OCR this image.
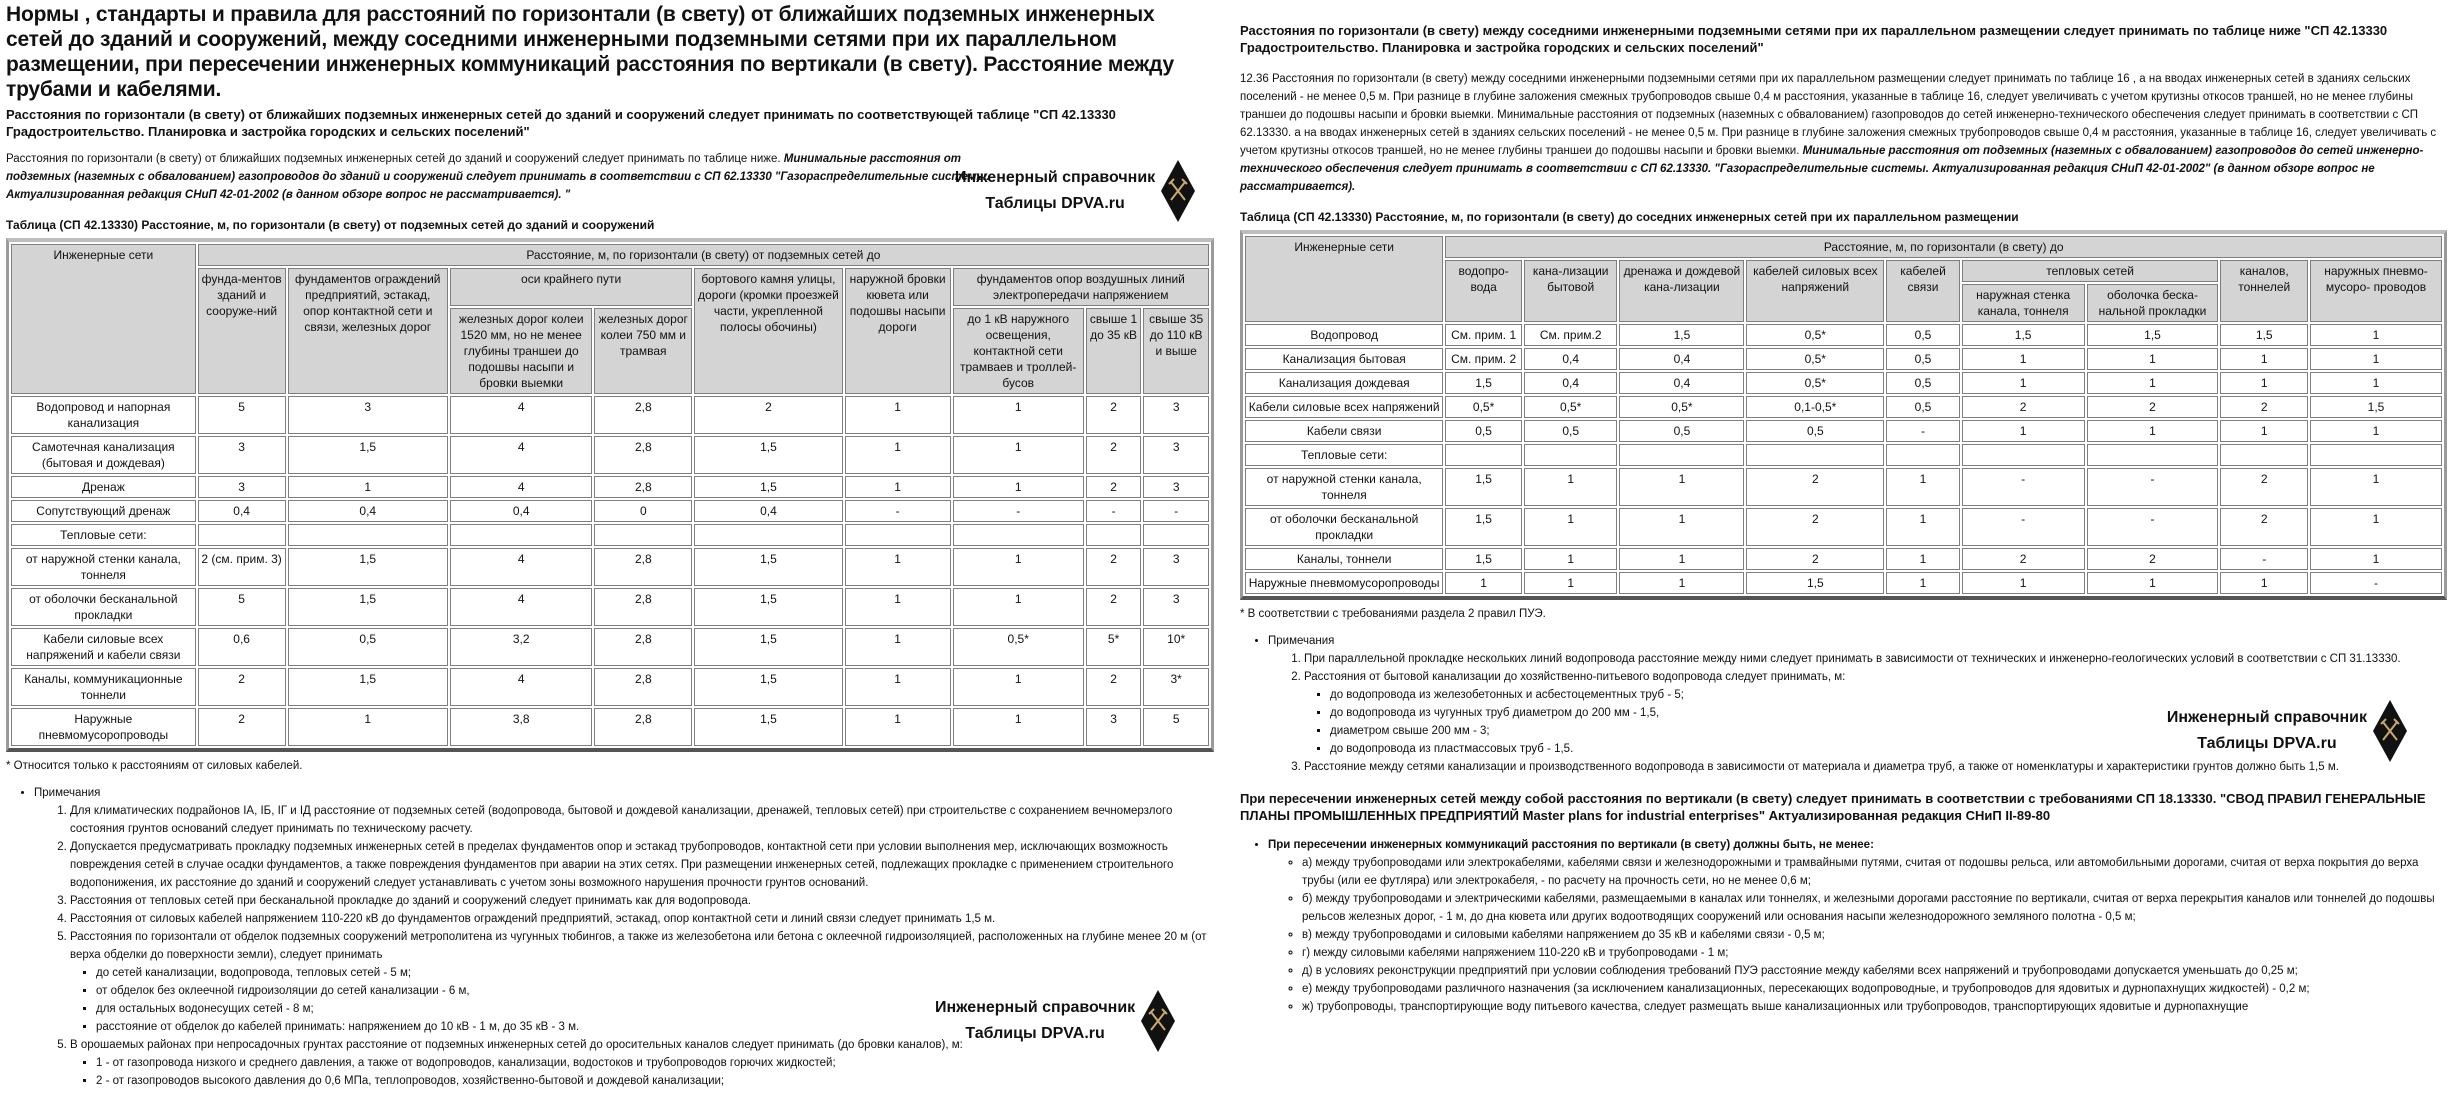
Нормы , стандарты и правила для расстояний по горизонтали (в свету) от ближайших подземных инженерных сетей до зданий и сооружений, между соседними инженерными подземными сетями при их параллельном размещении, при пересечении инженерных коммуникаций расстояния по вертикали (в свету). Расстояние между трубами и кабелями.
Расстояния по горизонтали (в свету) от ближайших подземных инженерных сетей до зданий и сооружений следует принимать по соответствующей таблице "СП 42.13330 Градостроительство. Планировка и застройка городских и сельских поселений"

Расстояния по горизонтали (в свету) от ближайших подземных инженерных сетей до зданий и сооружений следует принимать по таблице ниже. Минимальные расстояния от подземных (наземных с обвалованием) газопроводов до зданий и сооружений следует принимать в соответствии с СП 62.13330 "Газораспределительные системы. Актуализированная редакция СНиП 42-01-2002 (в данном обзоре вопрос не рассматривается). "

Таблица (СП 42.13330) Расстояние, м, по горизонтали (в свету) от подземных сетей до зданий и сооружений
Инженерные сети	Расстояние, м, по горизонтали (в свету) от подземных сетей до								
	фунда-ментов зданий и сооруже-ний	фундаментов ограждений предприятий, эстакад, опор контактной сети и связи, железных дорог	оси крайнего пути		бортового камня улицы, дороги (кромки проезжей части, укрепленной полосы обочины)	наружной бровки кювета или подошвы насыпи дороги	фундаментов опор воздушных линий электропередачи напряжением		
			железных дорог колеи 1520 мм, но не менее глубины траншеи до подошвы насыпи и бровки выемки	железных дорог колеи 750 мм и трамвая			до 1 кВ наружного освещения, контактной сети трамваев и троллей- бусов	свыше 1 до 35 кВ	свыше 35 до 110 кВ и выше
Водопровод и напорная канализация	5	3	4	2,8	2	1	1	2	3
Самотечная канализация (бытовая и дождевая)	3	1,5	4	2,8	1,5	1	1	2	3
Дренаж	3	1	4	2,8	1,5	1	1	2	3
Сопутствующий дренаж	0,4	0,4	0,4	0	0,4	-	-	-	-
Тепловые сети:									
от наружной стенки канала, тоннеля	2 (см. прим. 3)	1,5	4	2,8	1,5	1	1	2	3
от оболочки бесканальной прокладки	5	1,5	4	2,8	1,5	1	1	2	3
Кабели силовые всех напряжений и кабели связи	0,6	0,5	3,2	2,8	1,5	1	0,5*	5*	10*
Каналы, коммуникационные тоннели	2	1,5	4	2,8	1,5	1	1	2	3*
Наружные пневмомусоропроводы	2	1	3,8	2,8	1,5	1	1	3	5
* Относится только к расстояниям от силовых кабелей.
• Примечания
1. Для климатических подрайонов IA, IБ, IГ и IД расстояние от подземных сетей (водопровода, бытовой и дождевой канализации, дренажей, тепловых сетей) при строительстве с сохранением вечномерзлого состояния грунтов оснований следует принимать по техническому расчету.
2. Допускается предусматривать прокладку подземных инженерных сетей в пределах фундаментов опор и эстакад трубопроводов, контактной сети при условии выполнения мер, исключающих возможность повреждения сетей в случае осадки фундаментов, а также повреждения фундаментов при аварии на этих сетях. При размещении инженерных сетей, подлежащих прокладке с применением строительного водопонижения, их расстояние до зданий и сооружений следует устанавливать с учетом зоны возможного нарушения прочности грунтов оснований.
3. Расстояния от тепловых сетей при бесканальной прокладке до зданий и сооружений следует принимать как для водопровода.
4. Расстояния от силовых кабелей напряжением 110-220 кВ до фундаментов ограждений предприятий, эстакад, опор контактной сети и линий связи следует принимать 1,5 м.
5. Расстояния по горизонтали от обделок подземных сооружений метрополитена из чугунных тюбингов, а также из железобетона или бетона с оклеечной гидроизоляцией, расположенных на глубине менее 20 м (от верха обделки до поверхности земли), следует принимать
▪ до сетей канализации, водопровода, тепловых сетей - 5 м;
▪ от обделок без оклеечной гидроизоляции до сетей канализации - 6 м,
▪ для остальных водонесущих сетей - 8 м;
▪ расстояние от обделок до кабелей принимать: напряжением до 10 кВ - 1 м, до 35 кВ - 3 м.
5. В орошаемых районах при непросадочных грунтах расстояние от подземных инженерных сетей до оросительных каналов следует принимать (до бровки каналов), м:
▪ 1 - от газопровода низкого и среднего давления, а также от водопроводов, канализации, водостоков и трубопроводов горючих жидкостей;
▪ 2 - от газопроводов высокого давления до 0,6 МПа, теплопроводов, хозяйственно-бытовой и дождевой канализации;
Расстояния по горизонтали (в свету) между соседними инженерными подземными сетями при их параллельном размещении следует принимать по таблице ниже "СП 42.13330 Градостроительство. Планировка и застройка городских и сельских поселений"

12.36 Расстояния по горизонтали (в свету) между соседними инженерными подземными сетями при их параллельном размещении следует принимать по таблице 16 , а на вводах инженерных сетей в зданиях сельских поселений - не менее 0,5 м. При разнице в глубине заложения смежных трубопроводов свыше 0,4 м расстояния, указанные в таблице 16, следует увеличивать с учетом крутизны откосов траншей, но не менее глубины траншеи до подошвы насыпи и бровки выемки. Минимальные расстояния от подземных (наземных с обвалованием) газопроводов до сетей инженерно-технического обеспечения следует принимать в соответствии с СП 62.13330. а на вводах инженерных сетей в зданиях сельских поселений - не менее 0,5 м. При разнице в глубине заложения смежных трубопроводов свыше 0,4 м расстояния, указанные в таблице 16, следует увеличивать с учетом крутизны откосов траншей, но не менее глубины траншеи до подошвы насыпи и бровки выемки. Минимальные расстояния от подземных (наземных с обвалованием) газопроводов до сетей инженерно-технического обеспечения следует принимать в соответствии с СП 62.13330. "Газораспределительные системы. Актуализированная редакция СНиП 42-01-2002" (в данном обзоре вопрос не рассматривается).

Таблица (СП 42.13330) Расстояние, м, по горизонтали (в свету) до соседних инженерных сетей при их параллельном размещении
Инженерные сети	Расстояние, м, по горизонтали (в свету) до								
	водопро-вода	кана-лизации бытовой	дренажа и дождевой кана-лизации	кабелей силовых всех напряжений	кабелей связи	тепловых сетей		каналов, тоннелей	наружных пневмо-мусоро- проводов
						наружная стенка канала, тоннеля	оболочка беска-нальной прокладки		
Водопровод	См. прим. 1	См. прим.2	1,5	0,5*	0,5	1,5	1,5	1,5	1
Канализация бытовая	См. прим. 2	0,4	0,4	0,5*	0,5	1	1	1	1
Канализация дождевая	1,5	0,4	0,4	0,5*	0,5	1	1	1	1
Кабели силовые всех напряжений	0,5*	0,5*	0,5*	0,1-0,5*	0,5	2	2	2	1,5
Кабели связи	0,5	0,5	0,5	0,5	-	1	1	1	1
Тепловые сети:									
от наружной стенки канала, тоннеля	1,5	1	1	2	1	-	-	2	1
от оболочки бесканальной прокладки	1,5	1	1	2	1	-	-	2	1
Каналы, тоннели	1,5	1	1	2	1	2	2	-	1
Наружные пневмомусоропроводы	1	1	1	1,5	1	1	1	1	-
* В соответствии с требованиями раздела 2 правил ПУЭ.
• Примечания
1. При параллельной прокладке нескольких линий водопровода расстояние между ними следует принимать в зависимости от технических и инженерно-геологических условий в соответствии с СП 31.13330.
2. Расстояния от бытовой канализации до хозяйственно-питьевого водопровода следует принимать, м:
▪ до водопровода из железобетонных и асбестоцементных труб - 5;
▪ до водопровода из чугунных труб диаметром до 200 мм - 1,5,
▪ диаметром свыше 200 мм - 3;
▪ до водопровода из пластмассовых труб - 1,5.
3. Расстояние между сетями канализации и производственного водопровода в зависимости от материала и диаметра труб, а также от номенклатуры и характеристики грунтов должно быть 1,5 м.
Инженерный справочник
Таблицы DPVA.ru
При пересечении инженерных сетей между собой расстояния по вертикали (в свету) следует принимать в соответствии с требованиями СП 18.13330. "СВОД ПРАВИЛ ГЕНЕРАЛЬНЫЕ ПЛАНЫ ПРОМЫШЛЕННЫХ ПРЕДПРИЯТИЙ Master plans for industrial enterprises" Актуализированная редакция СНиП II-89-80
• При пересечении инженерных коммуникаций расстояния по вертикали (в свету) должны быть, не менее:
◦ а) между трубопроводами или электрокабелями, кабелями связи и железнодорожными и трамвайными путями, считая от подошвы рельса, или автомобильными дорогами, считая от верха покрытия до верха трубы (или ее футляра) или электрокабеля, - по расчету на прочность сети, но не менее 0,6 м;
◦ б) между трубопроводами и электрическими кабелями, размещаемыми в каналах или тоннелях, и железными дорогами расстояние по вертикали, считая от верха перекрытия каналов или тоннелей до подошвы рельсов железных дорог, - 1 м, до дна кювета или других водоотводящих сооружений или основания насыпи железнодорожного земляного полотна - 0,5 м;
◦ в) между трубопроводами и силовыми кабелями напряжением до 35 кВ и кабелями связи - 0,5 м;
◦ г) между силовыми кабелями напряжением 110-220 кВ и трубопроводами - 1 м;
◦ д) в условиях реконструкции предприятий при условии соблюдения требований ПУЭ расстояние между кабелями всех напряжений и трубопроводами допускается уменьшать до 0,25 м;
◦ е) между трубопроводами различного назначения (за исключением канализационных, пересекающих водопроводные, и трубопроводов для ядовитых и дурнопахнущих жидкостей) - 0,2 м;
◦ ж) трубопроводы, транспортирующие воду питьевого качества, следует размещать выше канализационных или трубопроводов, транспортирующих ядовитые и дурнопахнущие
Инженерный справочник
Таблицы DPVA.ru
Инженерный справочник
Таблицы DPVA.ru
